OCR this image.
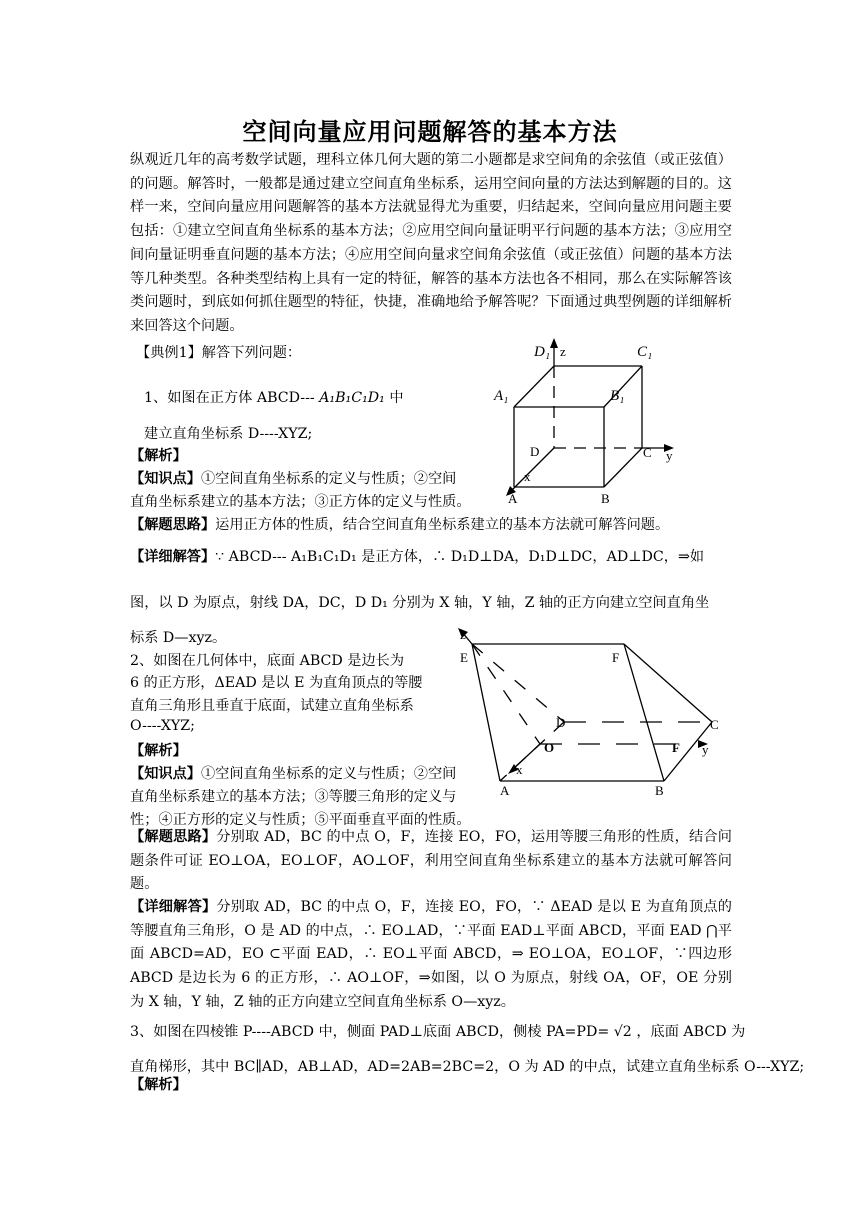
空间向量应用问题解答的基本方法
纵观近几年的高考数学试题，理科立体几何大题的第二小题都是求空间角的余弦值（或正弦值）的问题。解答时，一般都是通过建立空间直角坐标系，运用空间向量的方法达到解题的目的。这样一来，空间向量应用问题解答的基本方法就显得尤为重要，归结起来，空间向量应用问题主要包括：①建立空间直角坐标系的基本方法；②应用空间向量证明平行问题的基本方法；③应用空间向量证明垂直问题的基本方法；④应用空间向量求空间角余弦值（或正弦值）问题的基本方法等几种类型。各种类型结构上具有一定的特征，解答的基本方法也各不相同，那么在实际解答该类问题时，到底如何抓住题型的特征，快捷，准确地给予解答呢？下面通过典型例题的详细解析来回答这个问题。
【典例1】解答下列问题：
1、如图在正方体 ABCD--- A₁B₁C₁D₁ 中
建立直角坐标系 D----XYZ;
【解析】
【知识点】①空间直角坐标系的定义与性质；②空间
直角坐标系建立的基本方法；③正方体的定义与性质。
【解题思路】运用正方体的性质，结合空间直角坐标系建立的基本方法就可解答问题。
【详细解答】∵ ABCD--- A₁B₁C₁D₁ 是正方体，∴ D₁D⊥DA，D₁D⊥DC，AD⊥DC，⇒如
图，以 D 为原点，射线 DA，DC，D D₁ 分别为 X 轴，Y 轴，Z 轴的正方向建立空间直角坐
标系 D—xyz。
D₁ z	C₁
A₁	B₁
D	C y
x
A	B
2、如图在几何体中，底面 ABCD 是边长为
6 的正方形，ΔEAD 是以 E 为直角顶点的等腰
直角三角形且垂直于底面，试建立直角坐标系
O----XYZ;
【解析】
【知识点】①空间直角坐标系的定义与性质；②空间
直角坐标系建立的基本方法；③等腰三角形的定义与
性；④正方形的定义与性质；⑤平面垂直平面的性质。
【解题思路】分别取 AD，BC 的中点 O，F，连接 EO，FO，运用等腰三角形的性质，结合问题条件可证 EO⊥OA，EO⊥OF，AO⊥OF，利用空间直角坐标系建立的基本方法就可解答问题。
【详细解答】分别取 AD，BC 的中点 O，F，连接 EO，FO，∵ ΔEAD 是以 E 为直角顶点的等腰直角三角形，O 是 AD 的中点，∴ EO⊥AD，∵平面 EAD⊥平面 ABCD，平面 EAD ⋂平面 ABCD=AD，EO ⊂平面 EAD，∴ EO⊥平面 ABCD，⇒ EO⊥OA，EO⊥OF，∵四边形 ABCD 是边长为 6 的正方形，∴ AO⊥OF，⇒如图，以 O 为原点，射线 OA，OF，OE 分别为 X 轴，Y 轴，Z 轴的正方向建立空间直角坐标系 O—xyz。
z
E	F
D	C
O	F y
x
A	B
3、如图在四棱锥 P----ABCD 中，侧面 PAD⊥底面 ABCD，侧棱 PA=PD= √2 ，底面 ABCD 为
直角梯形，其中 BC∥AD，AB⊥AD，AD=2AB=2BC=2，O 为 AD 的中点，试建立直角坐标系 O---XYZ;
【解析】
